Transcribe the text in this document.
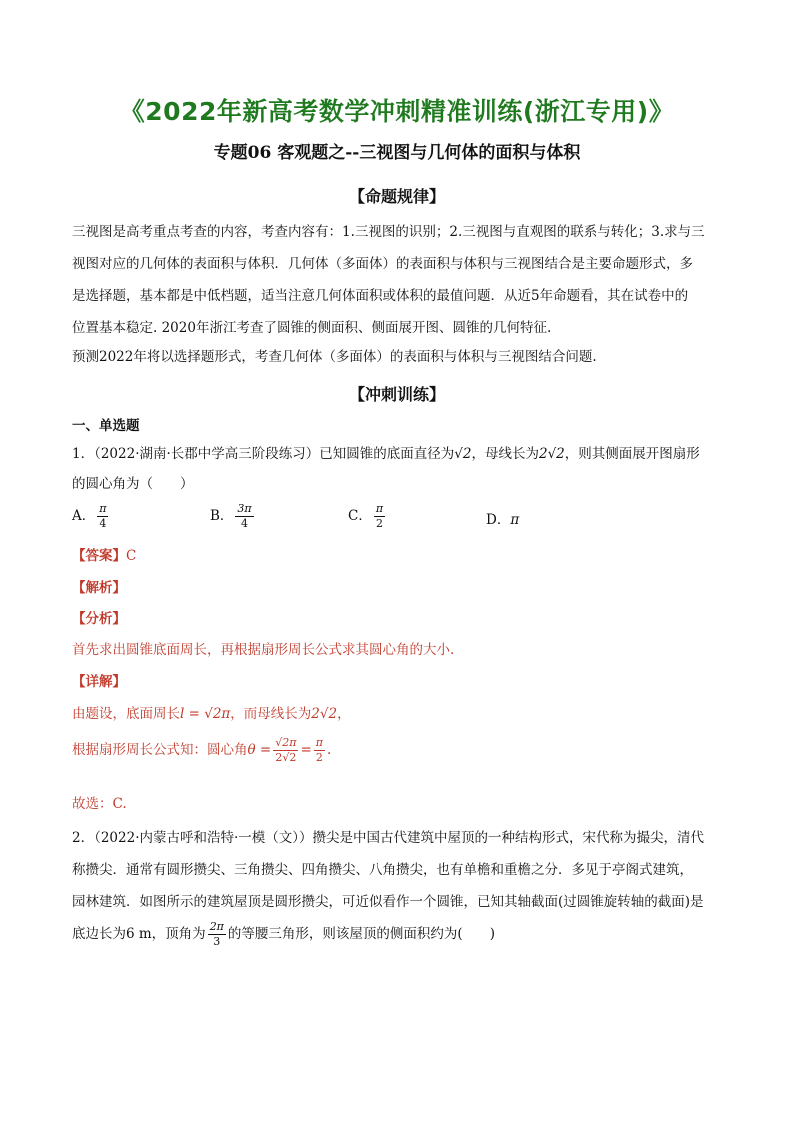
《2022年新高考数学冲刺精准训练(浙江专用)》
专题06 客观题之--三视图与几何体的面积与体积
【命题规律】
三视图是高考重点考查的内容，考查内容有：1.三视图的识别；2.三视图与直观图的联系与转化；3.求与三
视图对应的几何体的表面积与体积．几何体（多面体）的表面积与体积与三视图结合是主要命题形式，多
是选择题，基本都是中低档题，适当注意几何体面积或体积的最值问题．从近5年命题看，其在试卷中的
位置基本稳定. 2020年浙江考查了圆锥的侧面积、侧面展开图、圆锥的几何特征.
预测2022年将以选择题形式，考查几何体（多面体）的表面积与体积与三视图结合问题.
【冲刺训练】
一、单选题
1．（2022·湖南·长郡中学高三阶段练习）已知圆锥的底面直径为√2，母线长为2√2，则其侧面展开图扇形
的圆心角为（　　）
A． $\frac{\pi}{4}$	B． $\frac{3\pi}{4}$	C． $\frac{\pi}{2}$	D．π
【答案】C
【解析】
【分析】
首先求出圆锥底面周长，再根据扇形周长公式求其圆心角的大小.
【详解】
由题设，底面周长l = √2π，而母线长为2√2，
根据扇形周长公式知：圆心角$\theta = \frac{√2\pi}{2√2} = \frac{\pi}{2}$ .
故选：C.
2．（2022·内蒙古呼和浩特·一模（文））攒尖是中国古代建筑中屋顶的一种结构形式，宋代称为撮尖，清代
称攒尖．通常有圆形攒尖、三角攒尖、四角攒尖、八角攒尖，也有单檐和重檐之分．多见于亭阁式建筑，
园林建筑．如图所示的建筑屋顶是圆形攒尖，可近似看作一个圆锥，已知其轴截面(过圆锥旋转轴的截面)是
底边长为6 m，顶角为 $\frac{2\pi}{3}$ 的等腰三角形，则该屋顶的侧面积约为(　　)
